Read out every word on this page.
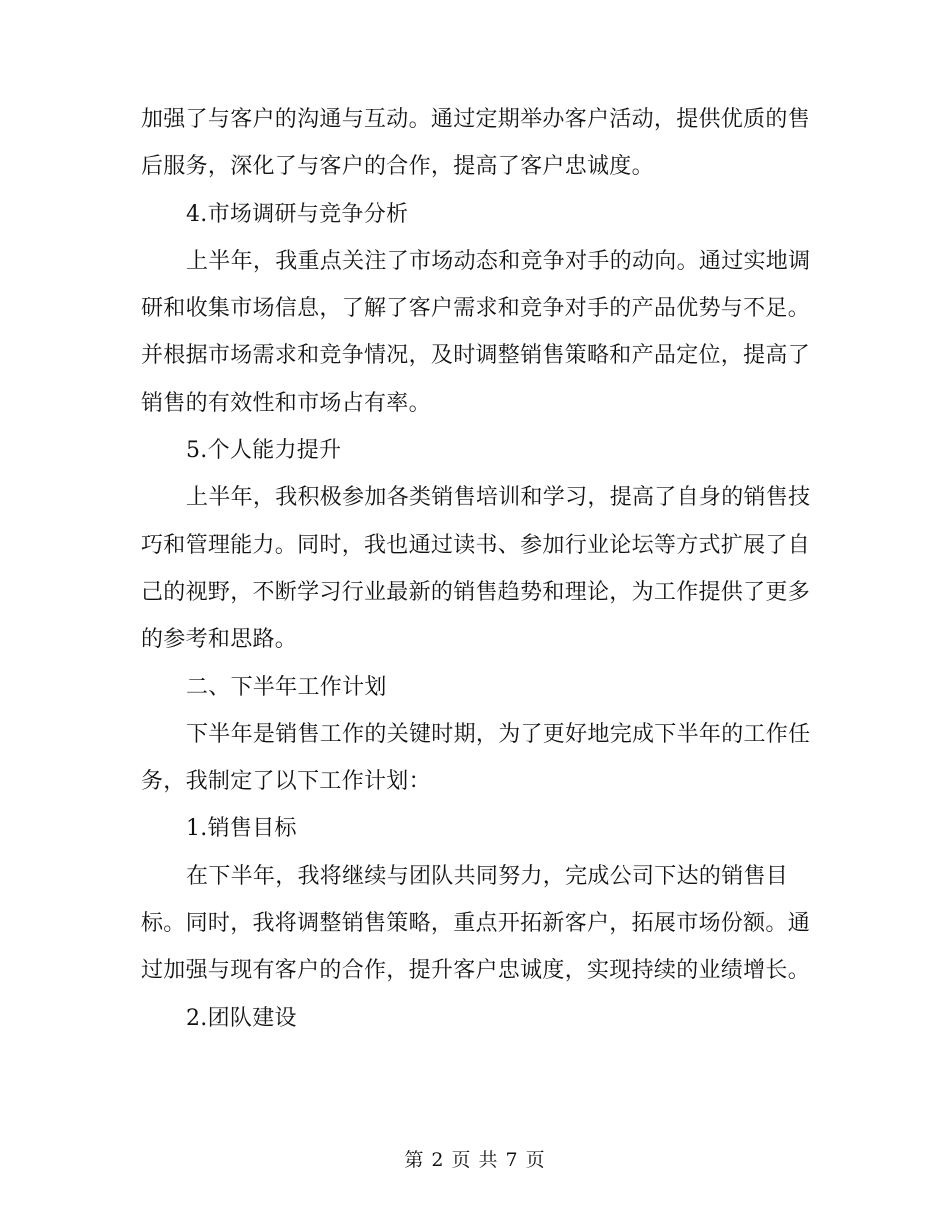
加强了与客户的沟通与互动。通过定期举办客户活动，提供优质的售
后服务，深化了与客户的合作，提高了客户忠诚度。
4.市场调研与竞争分析
上半年，我重点关注了市场动态和竞争对手的动向。通过实地调
研和收集市场信息，了解了客户需求和竞争对手的产品优势与不足。
并根据市场需求和竞争情况，及时调整销售策略和产品定位，提高了
销售的有效性和市场占有率。
5.个人能力提升
上半年，我积极参加各类销售培训和学习，提高了自身的销售技
巧和管理能力。同时，我也通过读书、参加行业论坛等方式扩展了自
己的视野，不断学习行业最新的销售趋势和理论，为工作提供了更多
的参考和思路。
二、下半年工作计划
下半年是销售工作的关键时期，为了更好地完成下半年的工作任
务，我制定了以下工作计划：
1.销售目标
在下半年，我将继续与团队共同努力，完成公司下达的销售目
标。同时，我将调整销售策略，重点开拓新客户，拓展市场份额。通
过加强与现有客户的合作，提升客户忠诚度，实现持续的业绩增长。
2.团队建设
第 2 页 共 7 页
